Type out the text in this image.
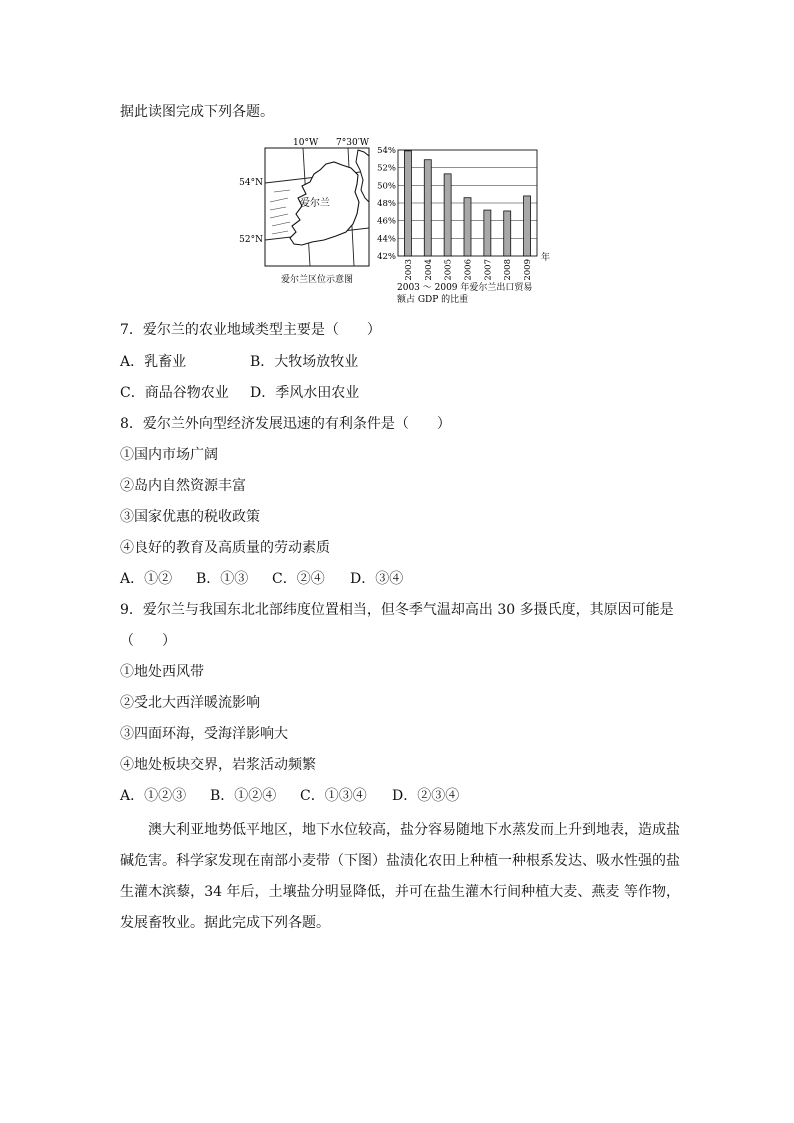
据此读图完成下列各题。
10°W 7°30′W
54°N
52°N
爱尔兰
爱尔兰区位示意图
54%
52%
50%
48%
46%
44%
42%
2003 2004 2005 2006 2007 2008 2009
年
2003 ～ 2009 年爱尔兰出口贸易
额占 GDP 的比重
7．爱尔兰的农业地域类型主要是（　　）
A．乳畜业	B．大牧场放牧业
C．商品谷物农业 D．季风水田农业
8．爱尔兰外向型经济发展迅速的有利条件是（　　）
①国内市场广阔
②岛内自然资源丰富
③国家优惠的税收政策
④良好的教育及高质量的劳动素质
A．①② B．①③ C．②④ D．③④
9．爱尔兰与我国东北北部纬度位置相当，但冬季气温却高出 30 多摄氏度，其原因可能是
（　　）
①地处西风带
②受北大西洋暖流影响
③四面环海，受海洋影响大
④地处板块交界，岩浆活动频繁
A．①②③ B．①②④ C．①③④ D．②③④

澳大利亚地势低平地区，地下水位较高，盐分容易随地下水蒸发而上升到地表，造成盐碱危害。科学家发现在南部小麦带（下图）盐渍化农田上种植一种根系发达、吸水性强的盐生灌木滨藜，34 年后，土壤盐分明显降低，并可在盐生灌木行间种植大麦、燕麦 等作物，发展畜牧业。据此完成下列各题。
